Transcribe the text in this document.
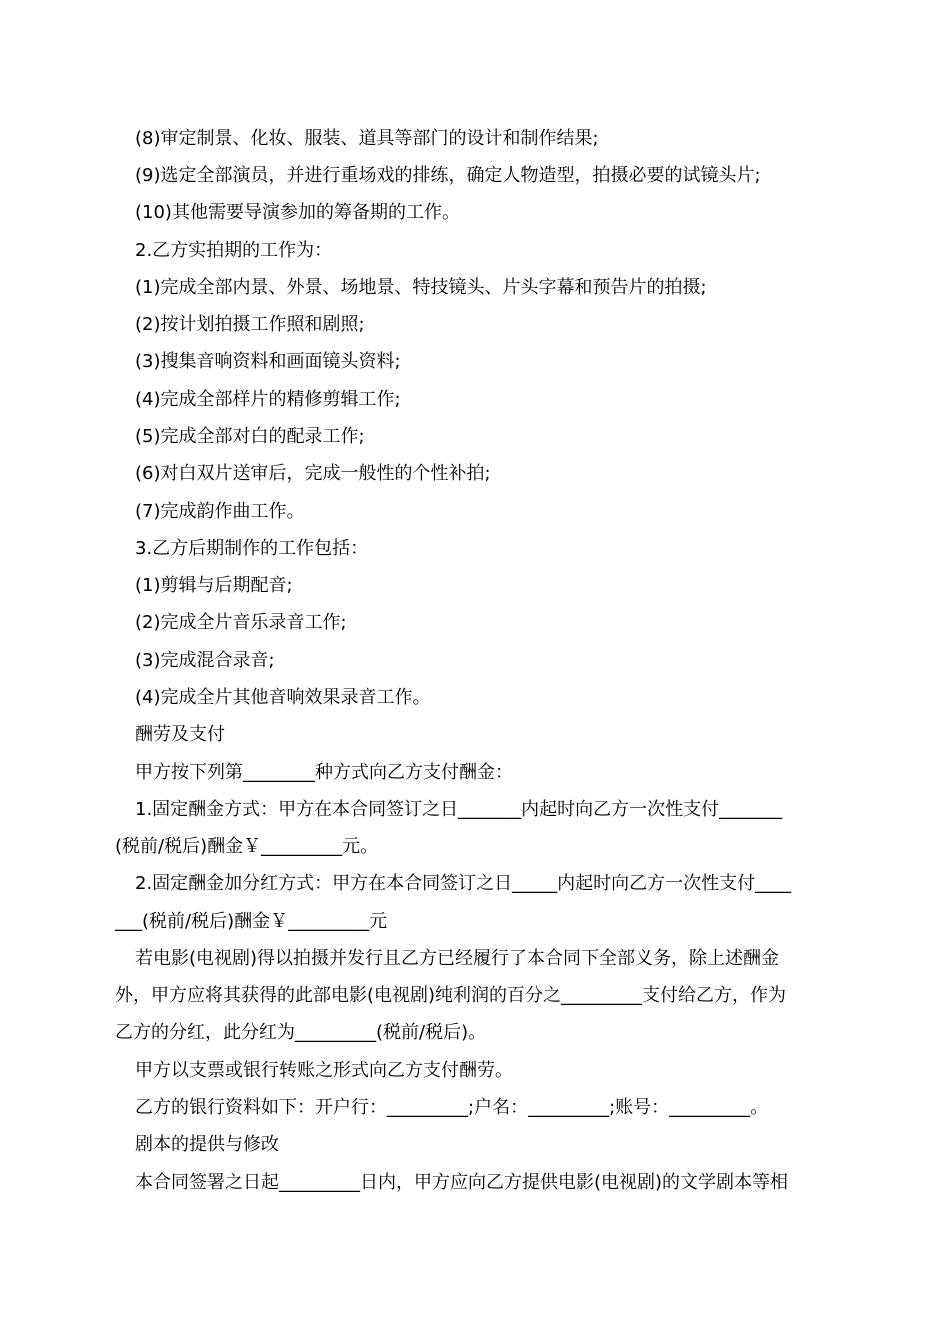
(8)审定制景、化妆、服装、道具等部门的设计和制作结果;
(9)选定全部演员，并进行重场戏的排练，确定人物造型，拍摄必要的试镜头片;
(10)其他需要导演参加的筹备期的工作。
2.乙方实拍期的工作为：
(1)完成全部内景、外景、场地景、特技镜头、片头字幕和预告片的拍摄;
(2)按计划拍摄工作照和剧照;
(3)搜集音响资料和画面镜头资料;
(4)完成全部样片的精修剪辑工作;
(5)完成全部对白的配录工作;
(6)对白双片送审后，完成一般性的个性补拍;
(7)完成韵作曲工作。
3.乙方后期制作的工作包括：
(1)剪辑与后期配音;
(2)完成全片音乐录音工作;
(3)完成混合录音;
(4)完成全片其他音响效果录音工作。
酬劳及支付
甲方按下列第________种方式向乙方支付酬金：
1.固定酬金方式：甲方在本合同签订之日_______内起时向乙方一次性支付_______
(税前/税后)酬金￥_________元。
2.固定酬金加分红方式：甲方在本合同签订之日_____内起时向乙方一次性支付____
___(税前/税后)酬金￥_________元
若电影(电视剧)得以拍摄并发行且乙方已经履行了本合同下全部义务，除上述酬金
外，甲方应将其获得的此部电影(电视剧)纯利润的百分之_________支付给乙方，作为
乙方的分红，此分红为_________(税前/税后)。
甲方以支票或银行转账之形式向乙方支付酬劳。
乙方的银行资料如下：开户行：_________;户名：_________;账号：_________。
剧本的提供与修改
本合同签署之日起_________日内，甲方应向乙方提供电影(电视剧)的文学剧本等相
